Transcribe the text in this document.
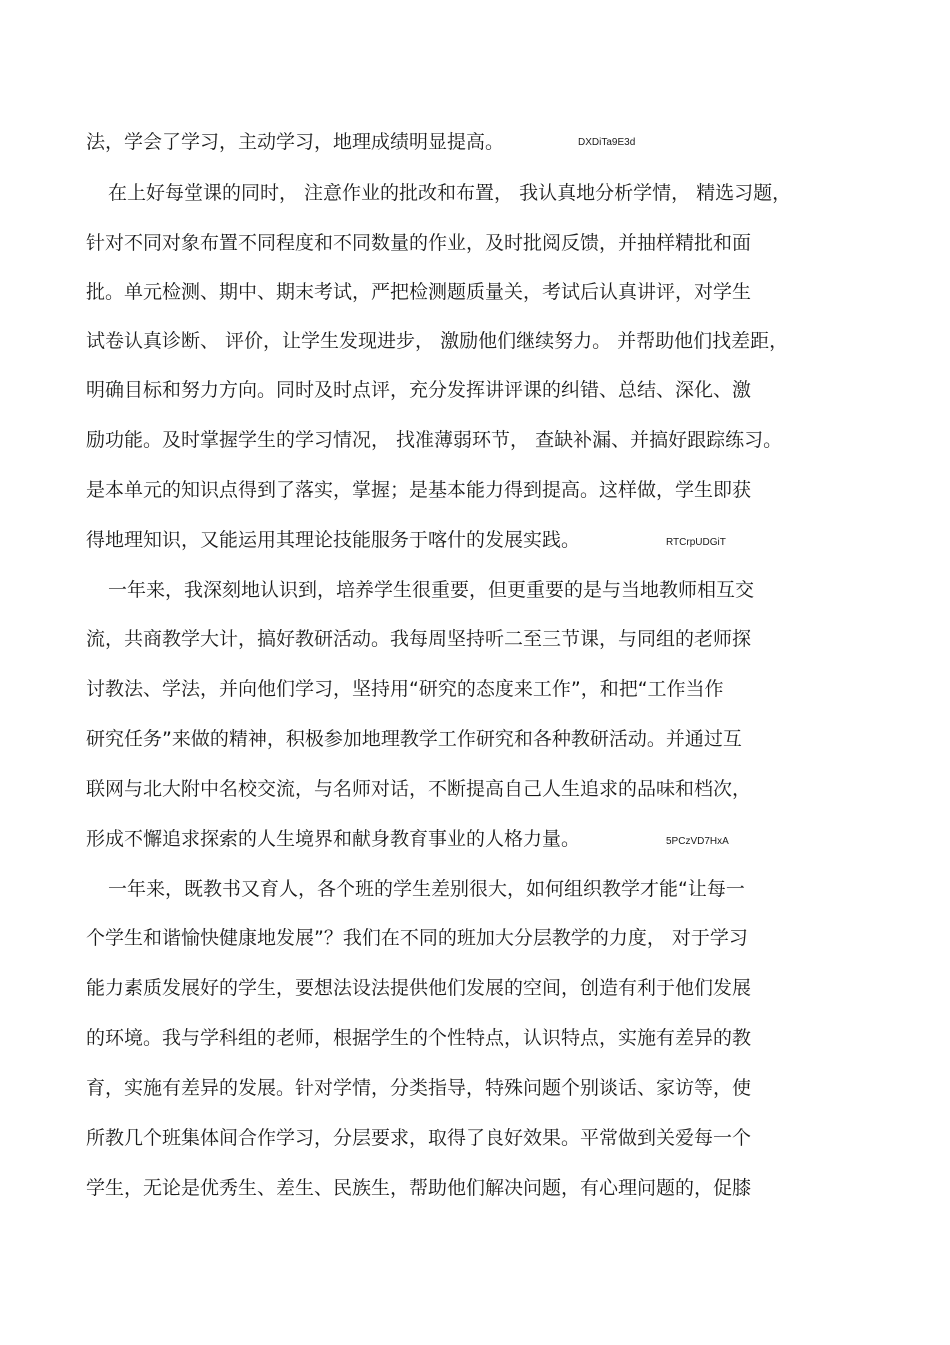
法，学会了学习，主动学习，地理成绩明显提高。	DXDiTa9E3d
在上好每堂课的同时， 注意作业的批改和布置， 我认真地分析学情， 精选习题，
针对不同对象布置不同程度和不同数量的作业，及时批阅反馈，并抽样精批和面
批。单元检测、期中、期末考试，严把检测题质量关，考试后认真讲评，对学生
试卷认真诊断、 评价，让学生发现进步， 激励他们继续努力。 并帮助他们找差距，
明确目标和努力方向。同时及时点评，充分发挥讲评课的纠错、总结、深化、激
励功能。及时掌握学生的学习情况， 找准薄弱环节， 查缺补漏、并搞好跟踪练习。
是本单元的知识点得到了落实，掌握；是基本能力得到提高。这样做，学生即获
得地理知识，又能运用其理论技能服务于喀什的发展实践。	RTCrpUDGiT
一年来，我深刻地认识到，培养学生很重要，但更重要的是与当地教师相互交
流，共商教学大计，搞好教研活动。我每周坚持听二至三节课，与同组的老师探
讨教法、学法，并向他们学习，坚持用“研究的态度来工作”，和把“工作当作
研究任务”来做的精神，积极参加地理教学工作研究和各种教研活动。并通过互
联网与北大附中名校交流，与名师对话，不断提高自己人生追求的品味和档次，
形成不懈追求探索的人生境界和献身教育事业的人格力量。	5PCzVD7HxA
一年来，既教书又育人，各个班的学生差别很大，如何组织教学才能“让每一
个学生和谐愉快健康地发展”？我们在不同的班加大分层教学的力度， 对于学习
能力素质发展好的学生，要想法设法提供他们发展的空间，创造有利于他们发展
的环境。我与学科组的老师，根据学生的个性特点，认识特点，实施有差异的教
育，实施有差异的发展。针对学情，分类指导，特殊问题个别谈话、家访等，使
所教几个班集体间合作学习，分层要求，取得了良好效果。平常做到关爱每一个
学生，无论是优秀生、差生、民族生，帮助他们解决问题，有心理问题的，促膝
